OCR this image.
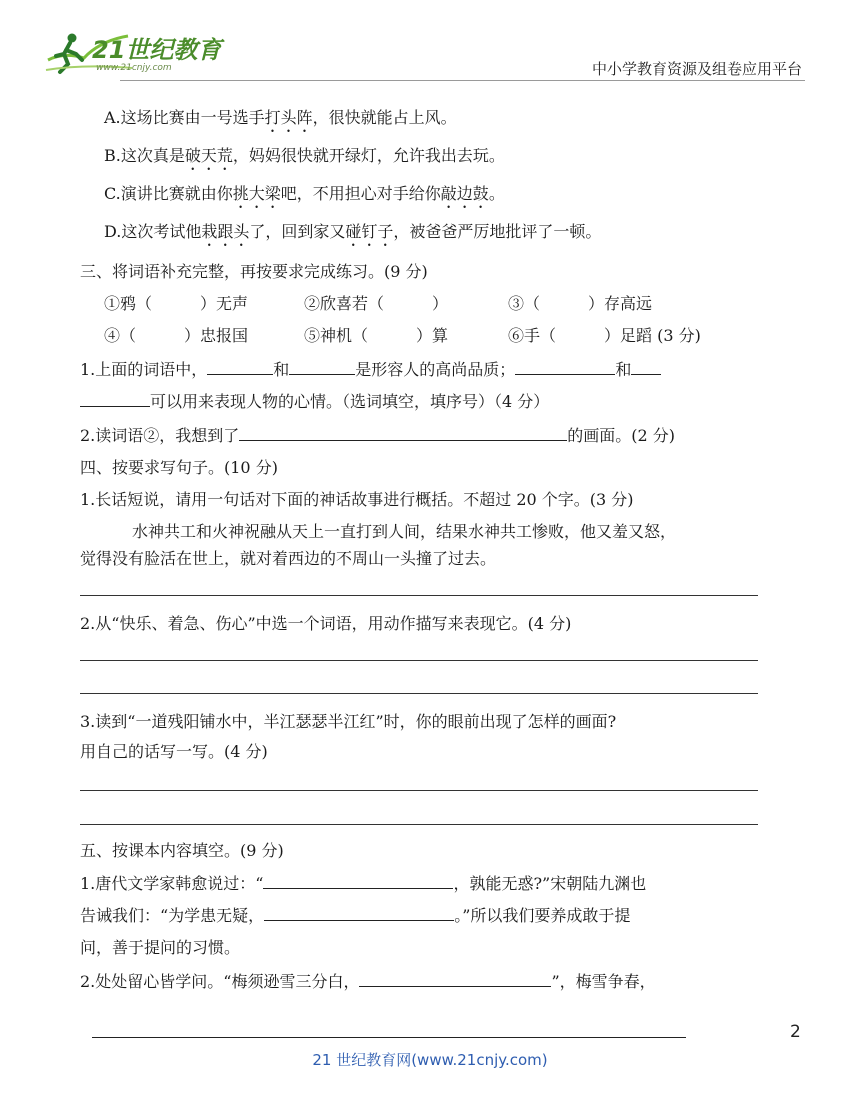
21世纪教育
www.21cnjy.com	中小学教育资源及组卷应用平台
A.这场比赛由一号选手打头阵，很快就能占上风。
B.这次真是破天荒，妈妈很快就开绿灯，允许我出去玩。
C.演讲比赛就由你挑大梁吧，不用担心对手给你敲边鼓。
D.这次考试他栽跟头了，回到家又碰钉子，被爸爸严厉地批评了一顿。
三、将词语补充完整，再按要求完成练习。(9 分)
①鸦（　　　）无声	②欣喜若（　　　）	③（　　　）存高远
④（　　　）忠报国	⑤神机（　　　）算	⑥手（　　　）足蹈 (3 分)
1.上面的词语中，	和	是形容人的高尚品质；	和
可以用来表现人物的心情。（选词填空，填序号）（4 分）
2.读词语②，我想到了	的画面。(2 分)
四、按要求写句子。(10 分)
1.长话短说，请用一句话对下面的神话故事进行概括。不超过 20 个字。(3 分)
水神共工和火神祝融从天上一直打到人间，结果水神共工惨败，他又羞又怒，
觉得没有脸活在世上，就对着西边的不周山一头撞了过去。
2.从“快乐、着急、伤心”中选一个词语，用动作描写来表现它。(4 分)
3.读到“一道残阳铺水中，半江瑟瑟半江红”时，你的眼前出现了怎样的画面?
用自己的话写一写。(4 分)
五、按课本内容填空。(9 分)
1.唐代文学家韩愈说过：“	，孰能无惑?”宋朝陆九渊也
告诫我们：“为学患无疑，	。”所以我们要养成敢于提
问，善于提问的习惯。
2.处处留心皆学问。“梅须逊雪三分白，	”，梅雪争春，
2
21 世纪教育网(www.21cnjy.com)
